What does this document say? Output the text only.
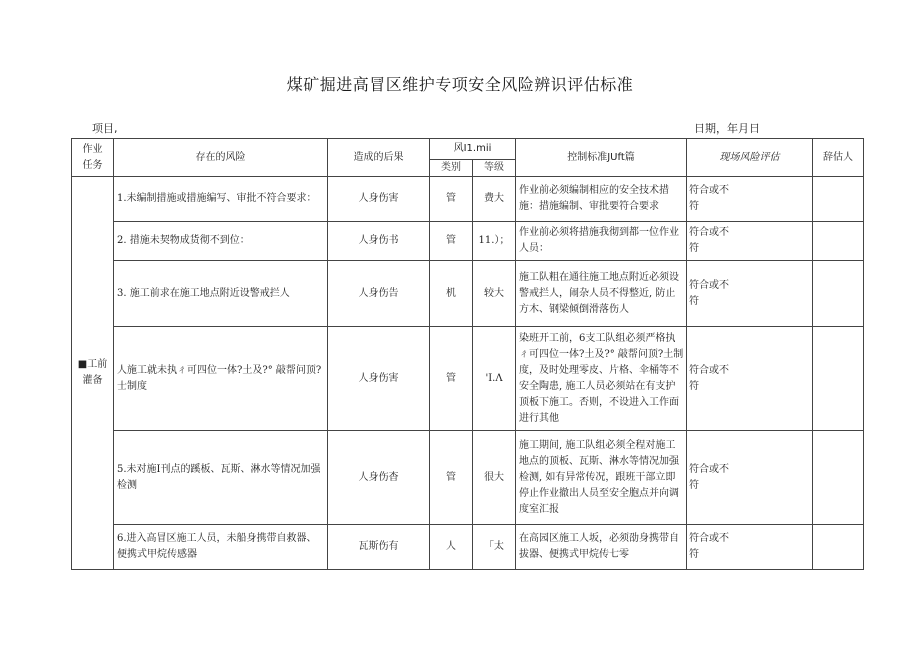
煤矿掘进高冒区维护专项安全风险辨识评估标准
项目,	日期，年月日
作业
任务	存在的风险	造成的后果	风I1.mii		控制标准JUft篇	现场风险评估	辞估人
			类别	等级			

■工前
灌备	1.未编制措施或措施编写、审批不符合要求：	人身伤害	管	费大	作业前必须编制相应的安全技术措施：措施编制、审批要符合要求	符合或不符	

	2. 措施未契物成货彻不到位：	人身伤书	管	11.）；	作业前必须将措施我彻到都一位作业人员：	符合或不符	

	3. 施工前求在施工地点附近设警戒拦人	人身伤告	机	较大	施工队粗在通往施工地点附近必须设警戒拦人，闹杂人员不得整近, 防止方木、钢梁倾倒滑落伤人	符合或不符	

	人施工就未执ㄔ可四位一体?土及?° 敲帮问顶? 士制度	人身伤害	管	'I.Λ	染班开工前，6支工队组必须严格执ㄔ可四位一体?土及?° 敲帮问顶?土制度，及时处理零皮、片格、伞桶等不安全陶患, 施工人员必须站在有支护顶板下施工。否则，不设进入工作面进行其他	符合或不符	

	5.未对施Ⅰ刊点的蹊板、瓦斯、淋水等情况加强检测	人身伤杳	管	很大	施工期间, 施工队组必须全程对施工地点的顶板、瓦斯、淋水等情况加强检测, 如有异常传况，跟班干部立即停止作业撤出人员至安全胞点并向调度室汇报	符合或不符	

	6.进入高冒区施工人员，未船身携带自救器、便携式甲烷传感器	瓦斯伤有	人	「太	在高园区施工人坂，必须劭身携带自拔器、便携式甲烷传七零	符合或不符	
